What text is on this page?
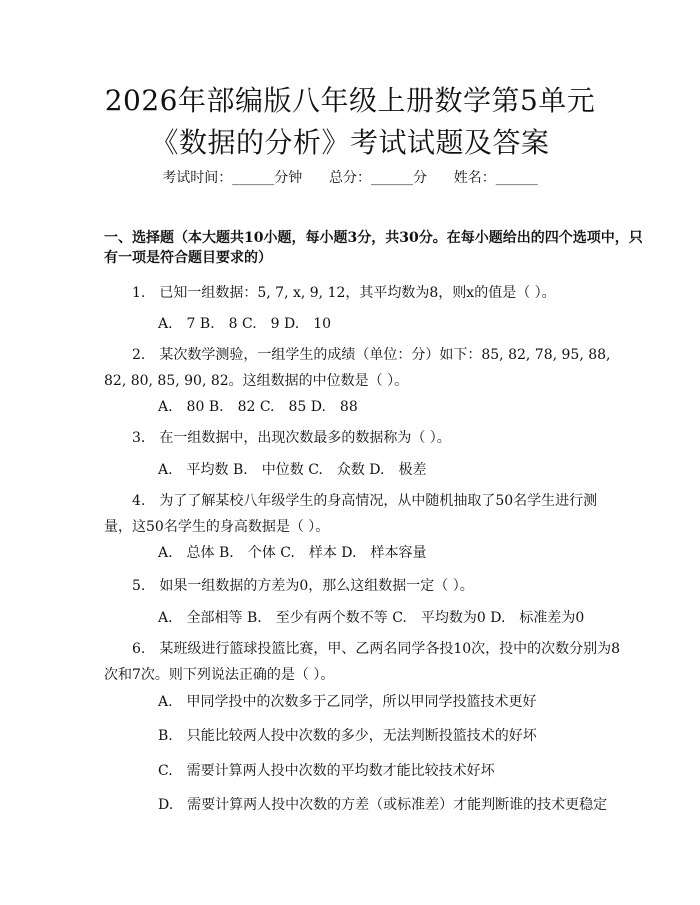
2026年部编版八年级上册数学第5单元《数据的分析》考试试题及答案
考试时间：______分钟      总分：______分      姓名：______
一、选择题（本大题共10小题，每小题3分，共30分。在每小题给出的四个选项中，只有一项是符合题目要求的）
1.　已知一组数据：5, 7, x, 9, 12，其平均数为8，则x的值是（ ）。
A.　7 B.　8 C.　9 D.　10
2.　某次数学测验，一组学生的成绩（单位：分）如下：85, 82, 78, 95, 88, 82, 80, 85, 90, 82。这组数据的中位数是（ ）。
A.　80 B.　82 C.　85 D.　88
3.　在一组数据中，出现次数最多的数据称为（ ）。
A.　平均数 B.　中位数 C.　众数 D.　极差
4.　为了了解某校八年级学生的身高情况，从中随机抽取了50名学生进行测量，这50名学生的身高数据是（ ）。
A.　总体 B.　个体 C.　样本 D.　样本容量
5.　如果一组数据的方差为0，那么这组数据一定（ ）。
A.　全部相等 B.　至少有两个数不等 C.　平均数为0 D.　标准差为0
6.　某班级进行篮球投篮比赛，甲、乙两名同学各投10次，投中的次数分别为8次和7次。则下列说法正确的是（ ）。
A.　甲同学投中的次数多于乙同学，所以甲同学投篮技术更好
B.　只能比较两人投中次数的多少，无法判断投篮技术的好坏
C.　需要计算两人投中次数的平均数才能比较技术好坏
D.　需要计算两人投中次数的方差（或标准差）才能判断谁的技术更稳定
